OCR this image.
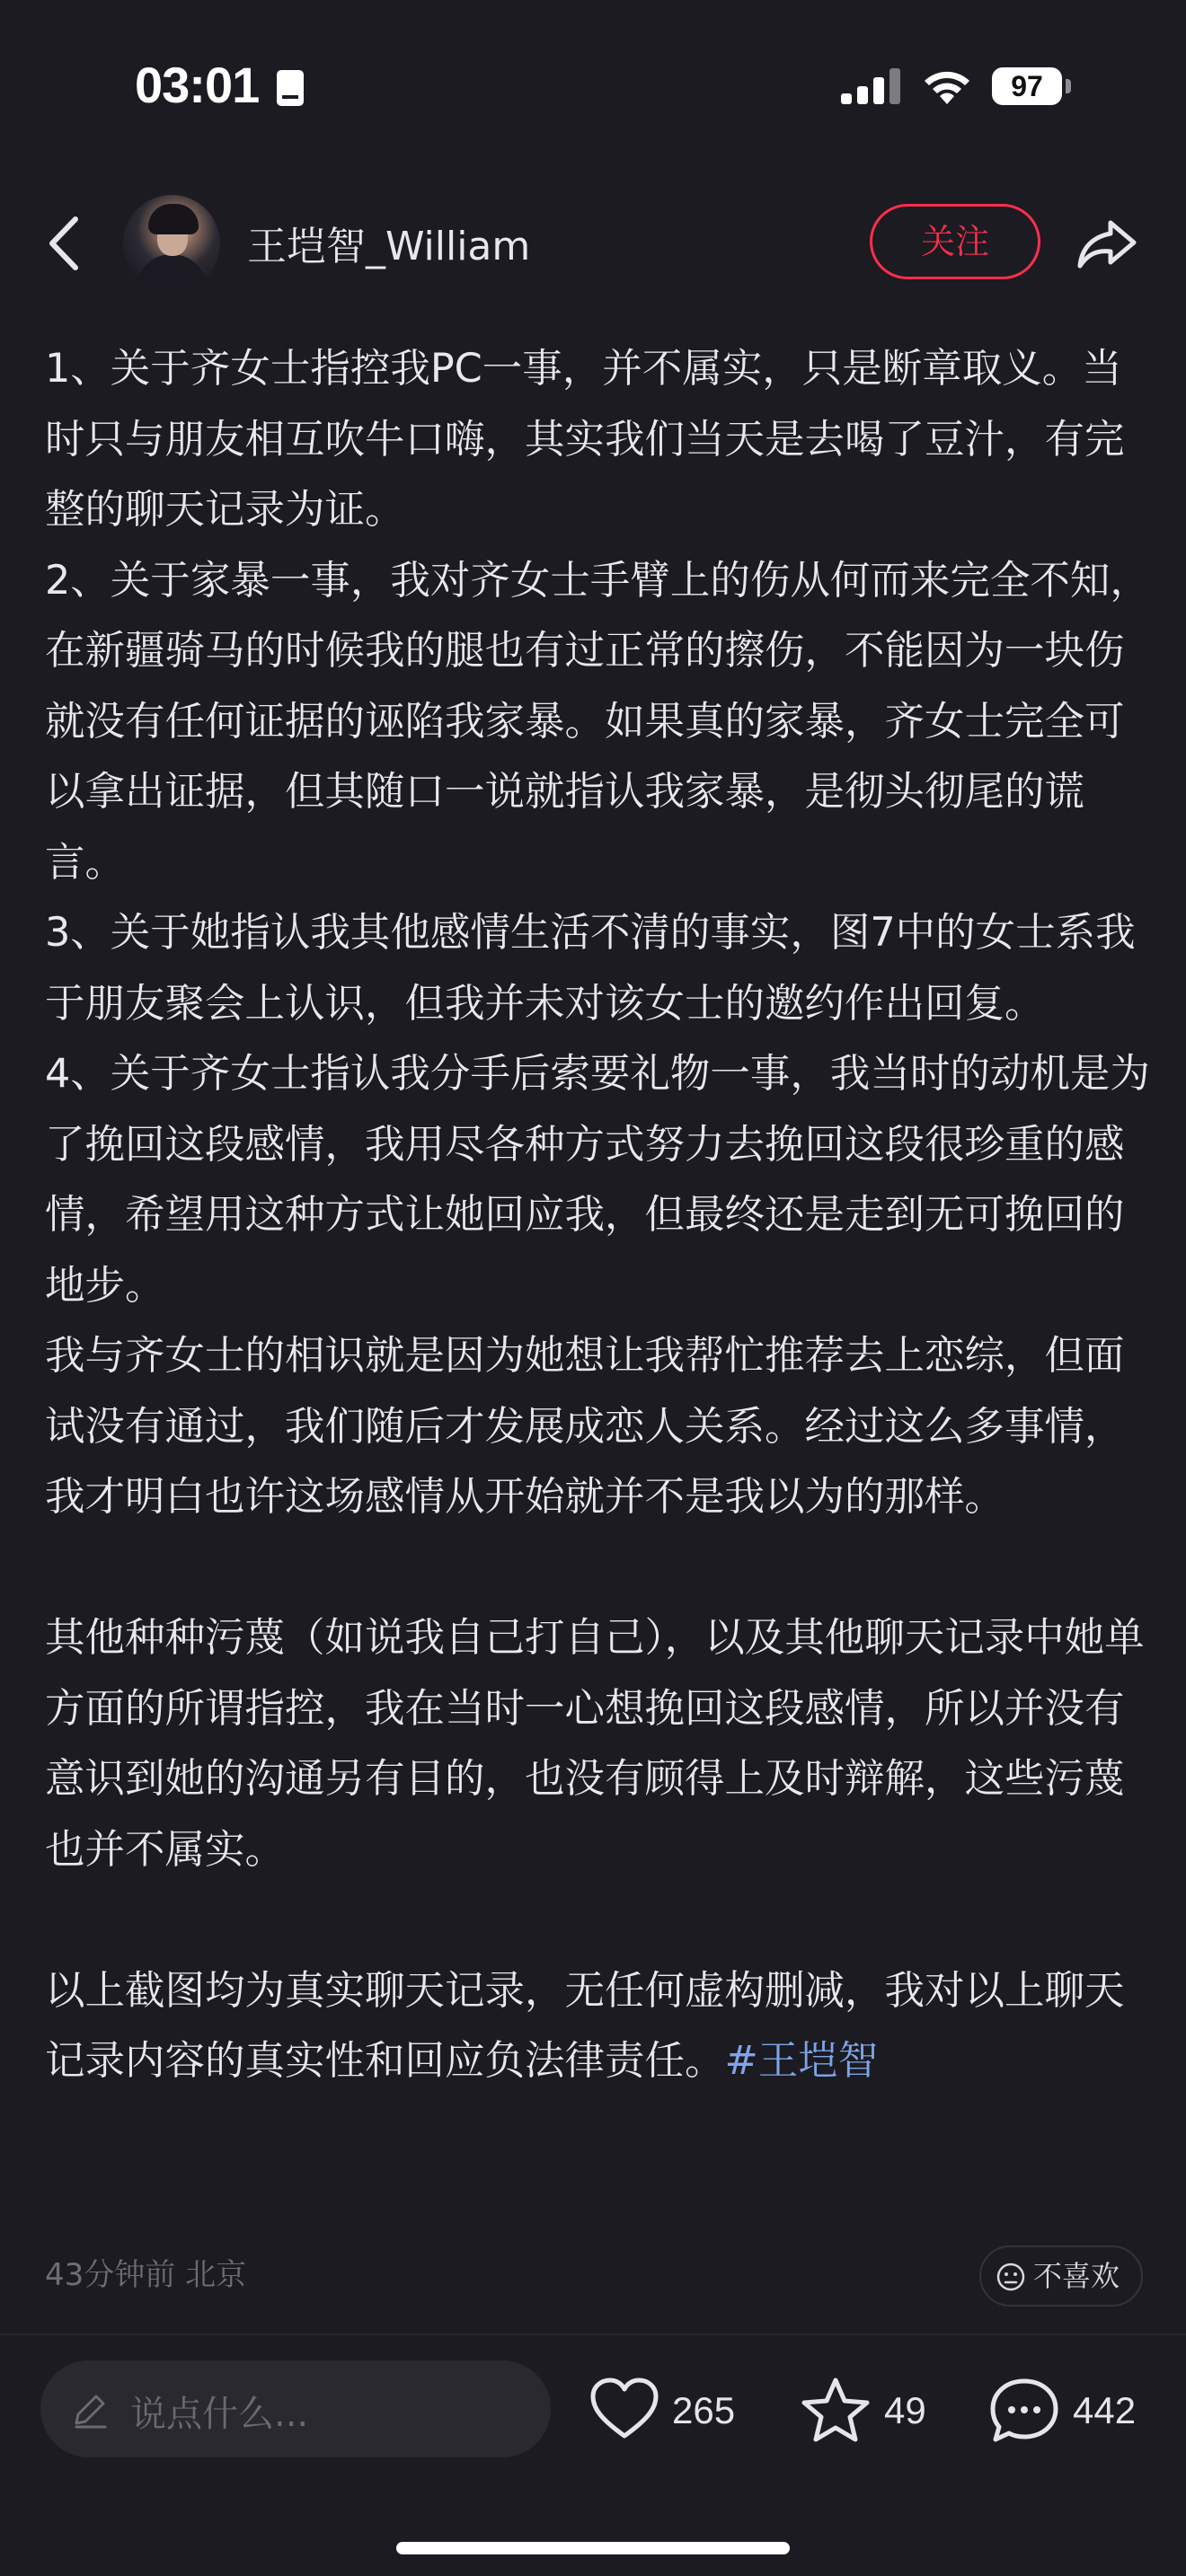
03:01	97
王垲智_William	关注

1、关于齐女士指控我PC一事，并不属实，只是断章取义。当时只与朋友相互吹牛口嗨，其实我们当天是去喝了豆汁，有完整的聊天记录为证。

2、关于家暴一事，我对齐女士手臂上的伤从何而来完全不知，在新疆骑马的时候我的腿也有过正常的擦伤，不能因为一块伤就没有任何证据的诬陷我家暴。如果真的家暴，齐女士完全可以拿出证据，但其随口一说就指认我家暴，是彻头彻尾的谎言。

3、关于她指认我其他感情生活不清的事实，图7中的女士系我于朋友聚会上认识，但我并未对该女士的邀约作出回复。

4、关于齐女士指认我分手后索要礼物一事，我当时的动机是为了挽回这段感情，我用尽各种方式努力去挽回这段很珍重的感情，希望用这种方式让她回应我，但最终还是走到无可挽回的地步。

我与齐女士的相识就是因为她想让我帮忙推荐去上恋综，但面试没有通过，我们随后才发展成恋人关系。经过这么多事情，我才明白也许这场感情从开始就并不是我以为的那样。

其他种种污蔑（如说我自己打自己），以及其他聊天记录中她单方面的所谓指控，我在当时一心想挽回这段感情，所以并没有意识到她的沟通另有目的，也没有顾得上及时辩解，这些污蔑也并不属实。

以上截图均为真实聊天记录，无任何虚构删减，我对以上聊天记录内容的真实性和回应负法律责任。#王垲智

43分钟前 北京	不喜欢
说点什么...	265	49	442
